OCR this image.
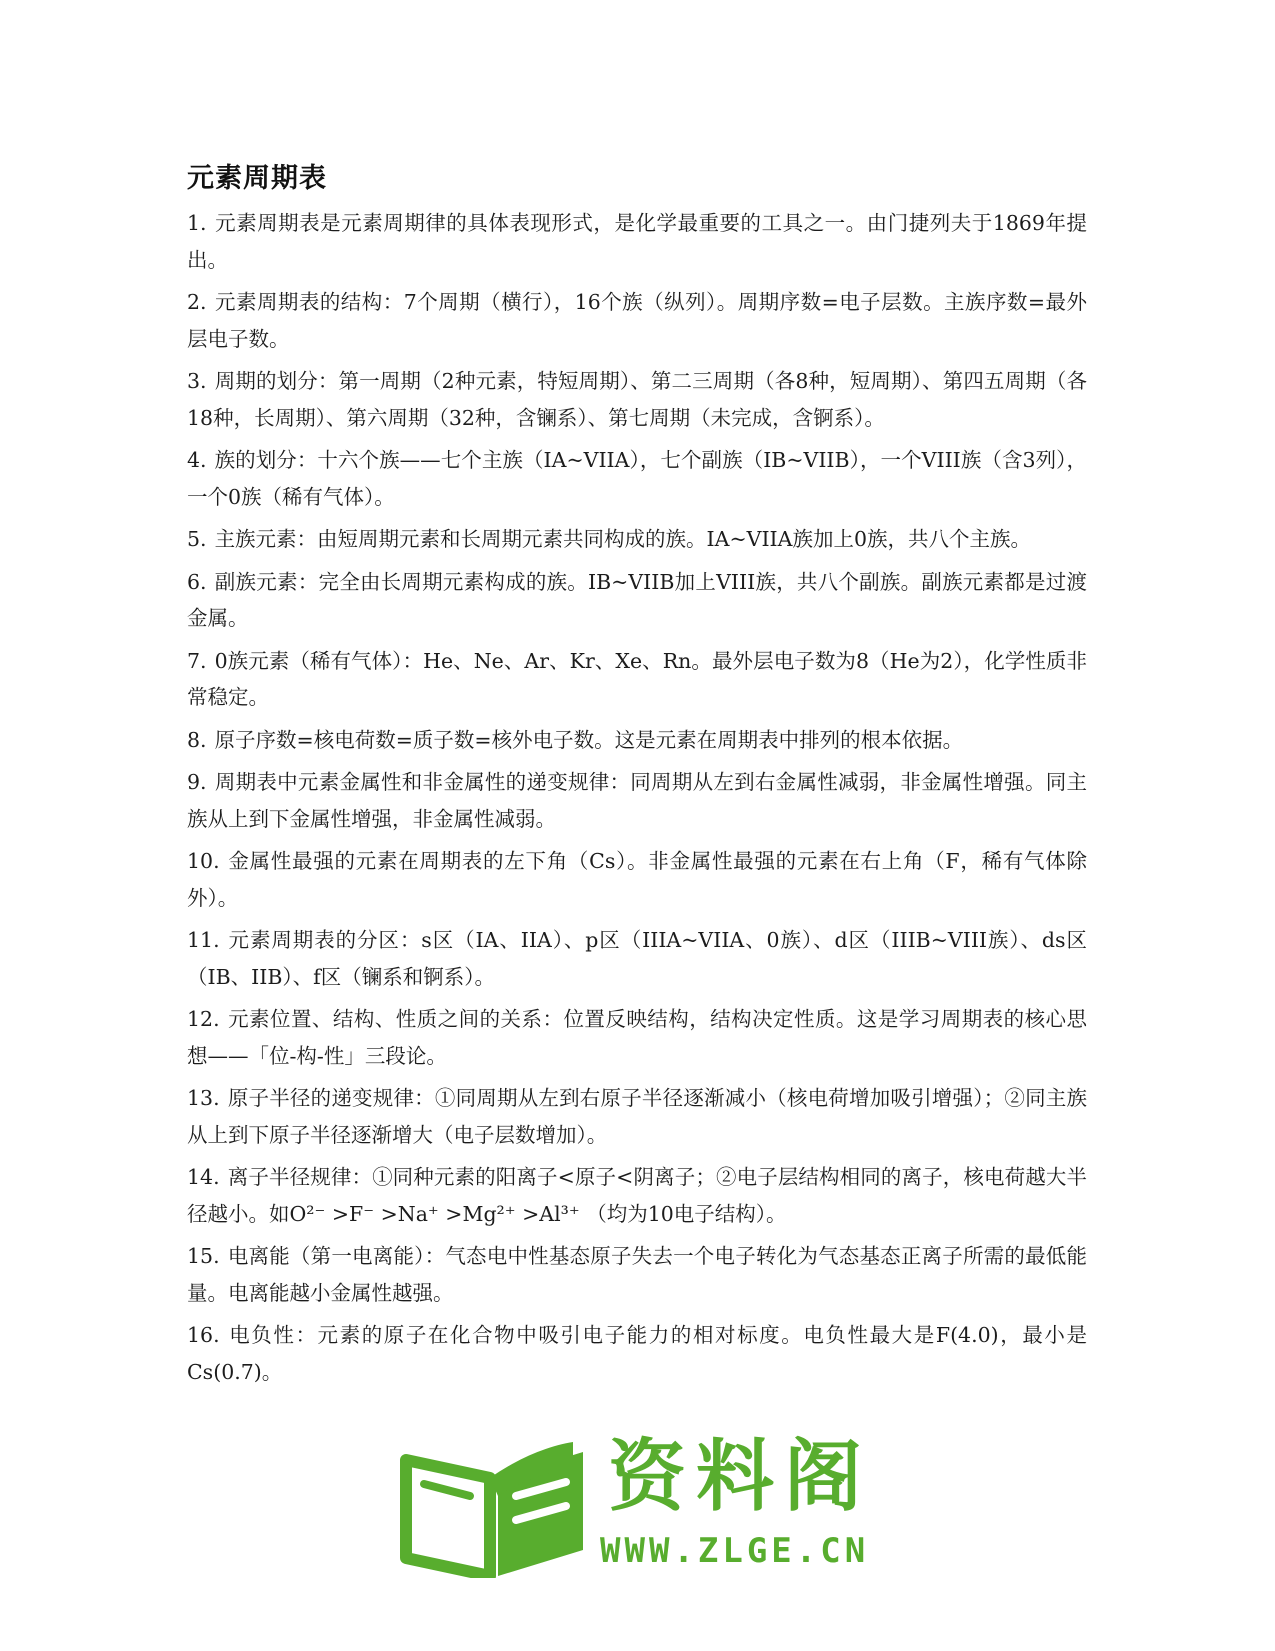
元素周期表

1. 元素周期表是元素周期律的具体表现形式，是化学最重要的工具之一。由门捷列夫于1869年提出。

2. 元素周期表的结构：7个周期（横行），16个族（纵列）。周期序数=电子层数。主族序数=最外层电子数。

3. 周期的划分：第一周期（2种元素，特短周期）、第二三周期（各8种，短周期）、第四五周期（各18种，长周期）、第六周期（32种，含镧系）、第七周期（未完成，含锕系）。

4. 族的划分：十六个族——七个主族（IA~VIIA），七个副族（IB~VIIB），一个VIII族（含3列），一个0族（稀有气体）。

5. 主族元素：由短周期元素和长周期元素共同构成的族。IA~VIIA族加上0族，共八个主族。

6. 副族元素：完全由长周期元素构成的族。IB~VIIB加上VIII族，共八个副族。副族元素都是过渡金属。

7. 0族元素（稀有气体）：He、Ne、Ar、Kr、Xe、Rn。最外层电子数为8（He为2），化学性质非常稳定。

8. 原子序数=核电荷数=质子数=核外电子数。这是元素在周期表中排列的根本依据。

9. 周期表中元素金属性和非金属性的递变规律：同周期从左到右金属性减弱，非金属性增强。同主族从上到下金属性增强，非金属性减弱。

10. 金属性最强的元素在周期表的左下角（Cs）。非金属性最强的元素在右上角（F，稀有气体除外）。

11. 元素周期表的分区：s区（IA、IIA）、p区（IIIA~VIIA、0族）、d区（IIIB~VIII族）、ds区（IB、IIB）、f区（镧系和锕系）。

12. 元素位置、结构、性质之间的关系：位置反映结构，结构决定性质。这是学习周期表的核心思想——「位-构-性」三段论。

13. 原子半径的递变规律：①同周期从左到右原子半径逐渐减小（核电荷增加吸引增强）；②同主族从上到下原子半径逐渐增大（电子层数增加）。

14. 离子半径规律：①同种元素的阳离子<原子<阴离子；②电子层结构相同的离子，核电荷越大半径越小。如O²⁻ >F⁻ >Na⁺ >Mg²⁺ >Al³⁺ （均为10电子结构）。

15. 电离能（第一电离能）：气态电中性基态原子失去一个电子转化为气态基态正离子所需的最低能量。电离能越小金属性越强。

16. 电负性：元素的原子在化合物中吸引电子能力的相对标度。电负性最大是F(4.0)，最小是Cs(0.7)。

资料阁
WWW.ZLGE.CN
